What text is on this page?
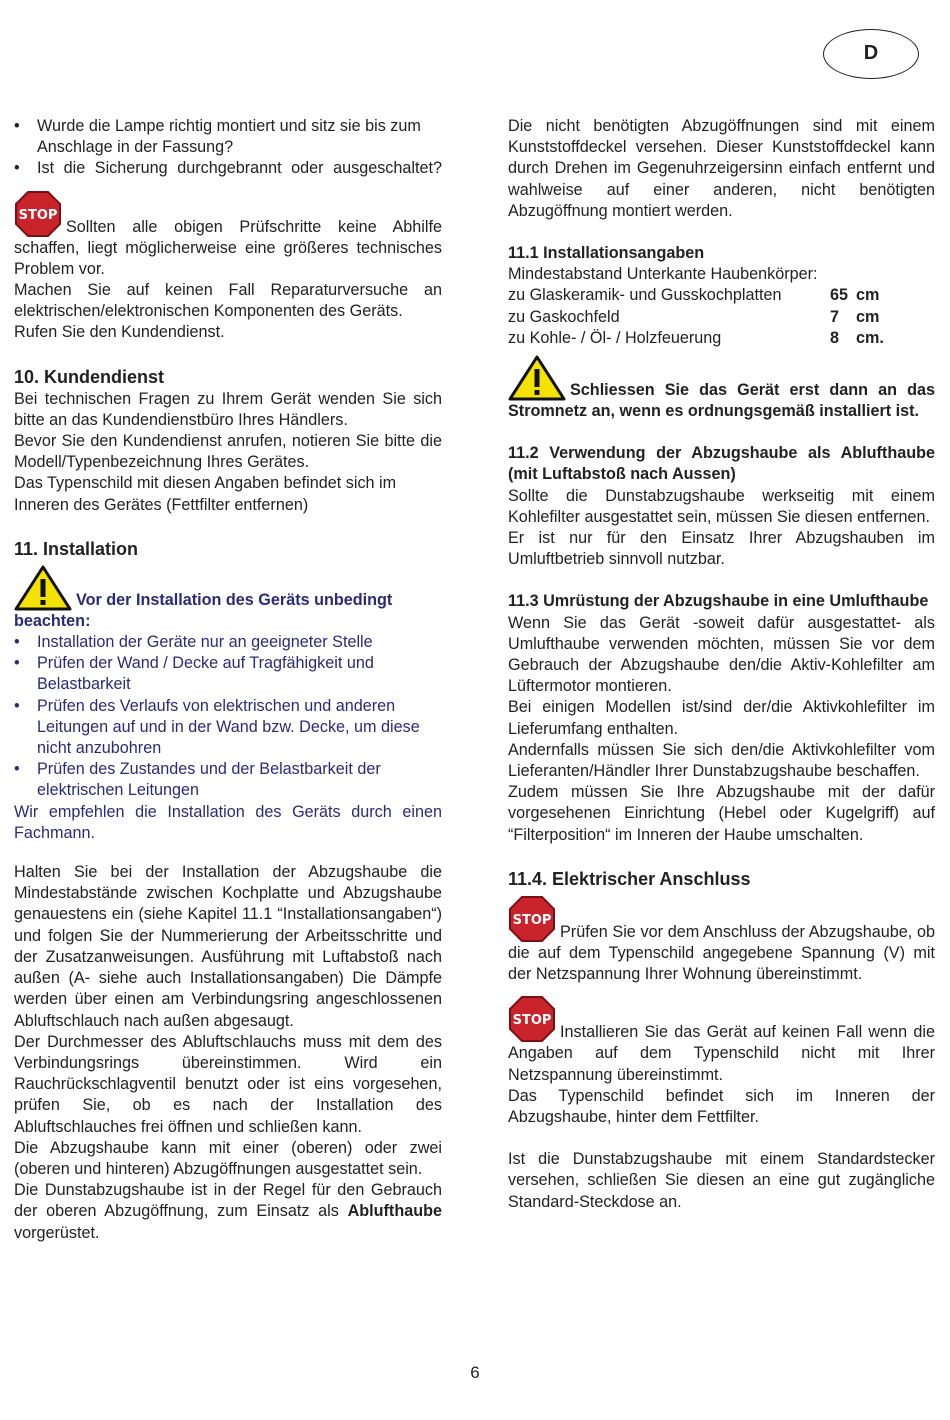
D
• Wurde die Lampe richtig montiert und sitz sie bis zum Anschlage in der Fassung?
• Ist die Sicherung durchgebrannt oder ausgeschaltet?

STOP
Sollten alle obigen Prüfschritte keine Abhilfe schaffen, liegt möglicherweise eine größeres technisches Problem vor.

Machen Sie auf keinen Fall Reparaturversuche an elektrischen/elektronischen Komponenten des Geräts.

Rufen Sie den Kundendienst.

10. Kundendienst

Bei technischen Fragen zu Ihrem Gerät wenden Sie sich bitte an das Kundendienstbüro Ihres Händlers.

Bevor Sie den Kundendienst anrufen, notieren Sie bitte die Modell/Typenbezeichnung Ihres Gerätes.

Das Typenschild mit diesen Angaben befindet sich im Inneren des Gerätes (Fettfilter entfernen)

11. Installation

Vor der Installation des Geräts unbedingt beachten:

• Installation der Geräte nur an geeigneter Stelle
• Prüfen der Wand / Decke auf Tragfähigkeit und Belastbarkeit
• Prüfen des Verlaufs von elektrischen und anderen Leitungen auf und in der Wand bzw. Decke, um diese nicht anzubohren
• Prüfen des Zustandes und der Belastbarkeit der elektrischen Leitungen

Wir empfehlen die Installation des Geräts durch einen Fachmann.

Halten Sie bei der Installation der Abzugshaube die Mindestabstände zwischen Kochplatte und Abzugshaube genauestens ein (siehe Kapitel 11.1 “Installationsangaben“) und folgen Sie der Nummerierung der Arbeitsschritte und der Zusatzanweisungen. Ausführung mit Luftabstoß nach außen (A- siehe auch Installationsangaben) Die Dämpfe werden über einen am Verbindungsring angeschlossenen Abluftschlauch nach außen abgesaugt.

Der Durchmesser des Abluftschlauchs muss mit dem des Verbindungsrings übereinstimmen. Wird ein Rauchrückschlagventil benutzt oder ist eins vorgesehen, prüfen Sie, ob es nach der Installation des Abluftschlauches frei öffnen und schließen kann.

Die Abzugshaube kann mit einer (oberen) oder zwei (oberen und hinteren) Abzugöffnungen ausgestattet sein.

Die Dunstabzugshaube ist in der Regel für den Gebrauch der oberen Abzugöffnung, zum Einsatz als Ablufthaube vorgerüstet.

Die nicht benötigten Abzugöffnungen sind mit einem Kunststoffdeckel versehen. Dieser Kunststoffdeckel kann durch Drehen im Gegenuhrzeigersinn einfach entfernt und wahlweise auf einer anderen, nicht benötigten Abzugöffnung montiert werden.

11.1 Installationsangaben

Mindestabstand Unterkante Haubenkörper:

zu Glaskeramik- und Gusskochplatten	65	cm
zu Gaskochfeld	7	cm
zu Kohle- / Öl- / Holzfeuerung	8	cm.

Schliessen Sie das Gerät erst dann an das Stromnetz an, wenn es ordnungsgemäß installiert ist.

11.2 Verwendung der Abzugshaube als Ablufthaube (mit Luftabstoß nach Aussen)

Sollte die Dunstabzugshaube werkseitig mit einem Kohlefilter ausgestattet sein, müssen Sie diesen entfernen.

Er ist nur für den Einsatz Ihrer Abzugshauben im Umluftbetrieb sinnvoll nutzbar.

11.3 Umrüstung der Abzugshaube in eine Umlufthaube

Wenn Sie das Gerät -soweit dafür ausgestattet- als Umlufthaube verwenden möchten, müssen Sie vor dem Gebrauch der Abzugshaube den/die Aktiv-Kohlefilter am Lüftermotor montieren.

Bei einigen Modellen ist/sind der/die Aktivkohlefilter im Lieferumfang enthalten.

Andernfalls müssen Sie sich den/die Aktivkohlefilter vom Lieferanten/Händler Ihrer Dunstabzugshaube beschaffen.

Zudem müssen Sie Ihre Abzugshaube mit der dafür vorgesehenen Einrichtung (Hebel oder Kugelgriff) auf “Filterposition“ im Inneren der Haube umschalten.

11.4. Elektrischer Anschluss

STOP
Prüfen Sie vor dem Anschluss der Abzugshaube, ob die auf dem Typenschild angegebene Spannung (V) mit der Netzspannung Ihrer Wohnung übereinstimmt.

STOP
Installieren Sie das Gerät auf keinen Fall wenn die Angaben auf dem Typenschild nicht mit Ihrer Netzspannung übereinstimmt.

Das Typenschild befindet sich im Inneren der Abzugshaube, hinter dem Fettfilter.

Ist die Dunstabzugshaube mit einem Standardstecker versehen, schließen Sie diesen an eine gut zugängliche Standard-Steckdose an.

6
